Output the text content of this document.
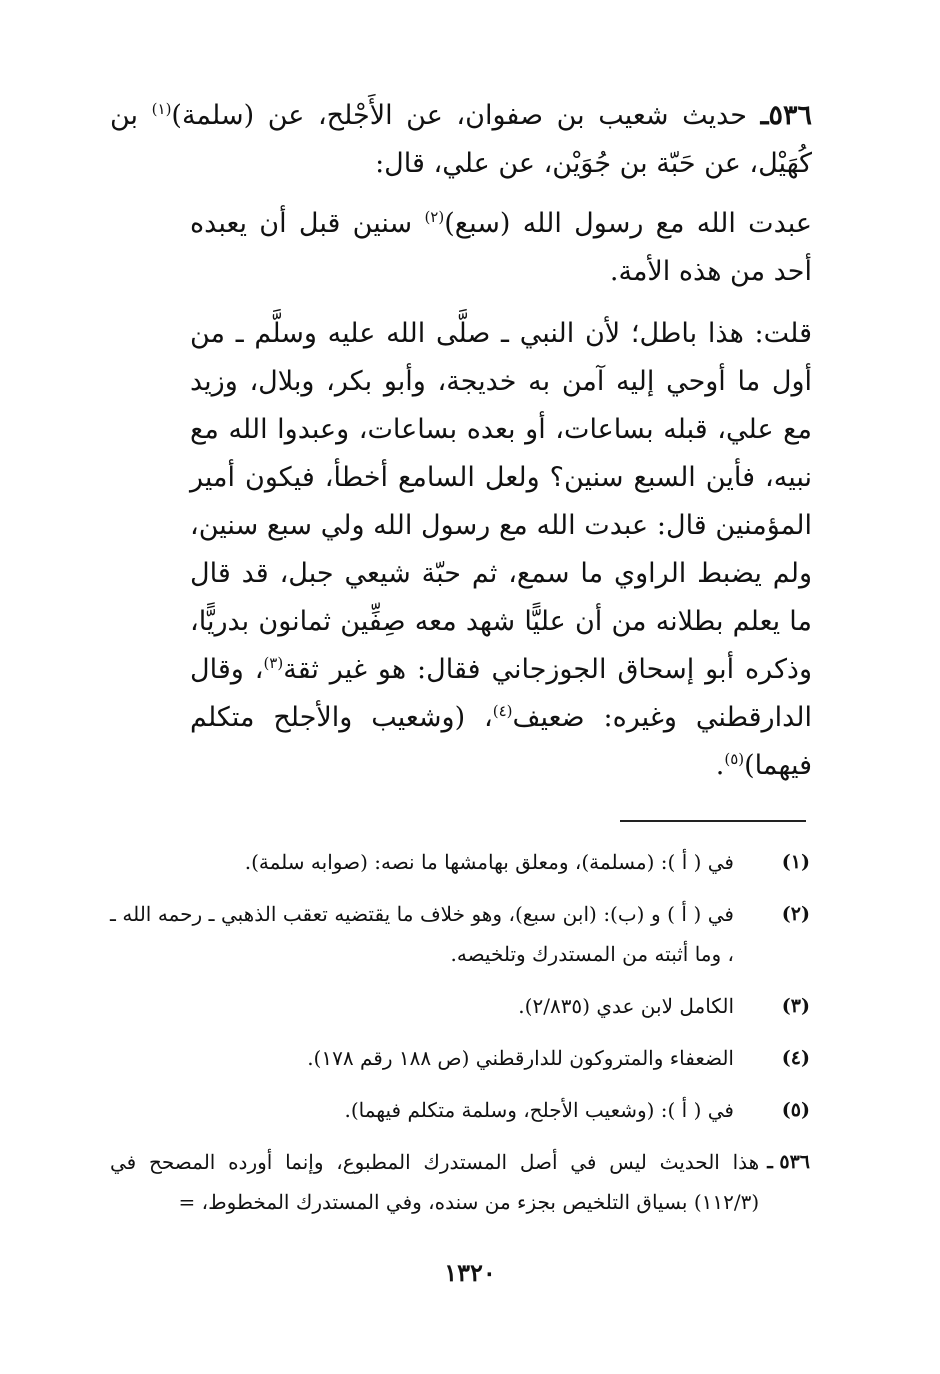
٥٣٦ـ حديث شعيب بن صفوان، عن الأَجْلح، عن (سلمة)$^{(١)}$ بن كُهَيْل، عن حَبّة بن جُوَيْن، عن علي، قال:

عبدت الله مع رسول الله (سبع)$^{(٢)}$ سنين قبل أن يعبده أحد من هذه الأمة.

قلت: هذا باطل؛ لأن النبي ـ صلَّى الله عليه وسلَّم ـ من أول ما أوحي إليه آمن به خديجة، وأبو بكر، وبلال، وزيد مع علي، قبله بساعات، أو بعده بساعات، وعبدوا الله مع نبيه، فأين السبع سنين؟ ولعل السامع أخطأ، فيكون أمير المؤمنين قال: عبدت الله مع رسول الله ولي سبع سنين، ولم يضبط الراوي ما سمع، ثم حبّة شيعي جبل، قد قال ما يعلم بطلانه من أن عليًّا شهد معه صِفِّين ثمانون بدريًّا، وذكره أبو إسحاق الجوزجاني فقال: هو غير ثقة$^{(٣)}$، وقال الدارقطني وغيره: ضعيف$^{(٤)}$، (وشعيب والأجلح متكلم فيهما)$^{(٥)}$.

(١)
في ( أ ): (مسلمة)، ومعلق بهامشها ما نصه: (صوابه سلمة).
(٢)
في ( أ ) و (ب): (ابن سبع)، وهو خلاف ما يقتضيه تعقب الذهبي ـ رحمه الله ـ ، وما أثبته من المستدرك وتلخيصه.
(٣)
الكامل لابن عدي (٢/٨٣٥).
(٤)
الضعفاء والمتروكون للدارقطني (ص ١٨٨ رقم ١٧٨).
(٥)
في ( أ ): (وشعيب الأجلح، وسلمة متكلم فيهما).
٥٣٦ ـ
هذا الحديث ليس في أصل المستدرك المطبوع، وإنما أورده المصحح في (١١٢/٣) بسياق التلخيص بجزء من سنده، وفي المستدرك المخطوط، =
١٣٢٠
